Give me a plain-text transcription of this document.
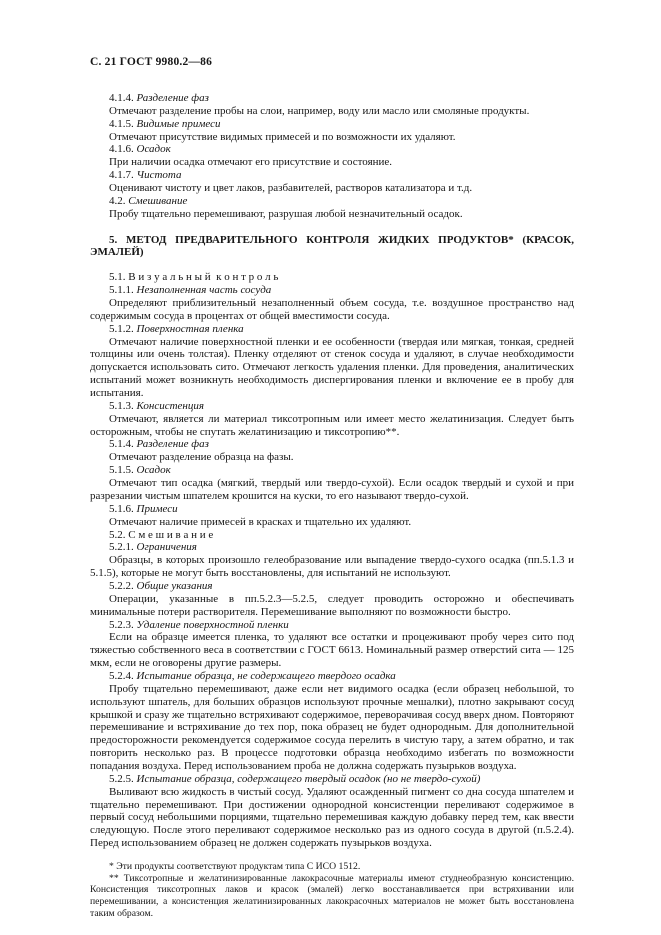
С. 21 ГОСТ 9980.2—86

4.1.4. Разделение фаз

Отмечают разделение пробы на слои, например, воду или масло или смоляные продукты.

4.1.5. Видимые примеси

Отмечают присутствие видимых примесей и по возможности их удаляют.

4.1.6. Осадок

При наличии осадка отмечают его присутствие и состояние.

4.1.7. Чистота

Оценивают чистоту и цвет лаков, разбавителей, растворов катализатора и т.д.

4.2. Смешивание

Пробу тщательно перемешивают, разрушая любой незначительный осадок.

5. МЕТОД ПРЕДВАРИТЕЛЬНОГО КОНТРОЛЯ ЖИДКИХ ПРОДУКТОВ* (КРАСОК, ЭМАЛЕЙ)

5.1. В и з у а л ь н ы й  к о н т р о л ь

5.1.1. Незаполненная часть сосуда

Определяют приблизительный незаполненный объем сосуда, т.е. воздушное пространство над содержимым сосуда в процентах от общей вместимости сосуда.

5.1.2. Поверхностная пленка

Отмечают наличие поверхностной пленки и ее особенности (твердая или мягкая, тонкая, средней толщины или очень толстая). Пленку отделяют от стенок сосуда и удаляют, в случае необходимости допускается использовать сито. Отмечают легкость удаления пленки. Для проведения, аналитических испытаний может возникнуть необходимость диспергирования пленки и включение ее в пробу для испытания.

5.1.3. Консистенция

Отмечают, является ли материал тиксотропным или имеет место желатинизация. Следует быть осторожным, чтобы не спутать желатинизацию и тиксотропию**.

5.1.4. Разделение фаз

Отмечают разделение образца на фазы.

5.1.5. Осадок

Отмечают тип осадка (мягкий, твердый или твердо-сухой). Если осадок твердый и сухой и при разрезании чистым шпателем крошится на куски, то его называют твердо-сухой.

5.1.6. Примеси

Отмечают наличие примесей в красках и тщательно их удаляют.

5.2. С м е ш и в а н и е

5.2.1. Ограничения

Образцы, в которых произошло гелеобразование или выпадение твердо-сухого осадка (пп.5.1.3 и 5.1.5), которые не могут быть восстановлены, для испытаний не используют.

5.2.2. Общие указания

Операции, указанные в пп.5.2.3—5.2.5, следует проводить осторожно и обеспечивать минимальные потери растворителя. Перемешивание выполняют по возможности быстро.

5.2.3. Удаление поверхностной пленки

Если на образце имеется пленка, то удаляют все остатки и процеживают пробу через сито под тяжестью собственного веса в соответствии с ГОСТ 6613. Номинальный размер отверстий сита — 125 мкм, если не оговорены другие размеры.

5.2.4. Испытание образца, не содержащего твердого осадка

Пробу тщательно перемешивают, даже если нет видимого осадка (если образец небольшой, то используют шпатель, для больших образцов используют прочные мешалки), плотно закрывают сосуд крышкой и сразу же тщательно встряхивают содержимое, переворачивая сосуд вверх дном. Повторяют перемешивание и встряхивание до тех пор, пока образец не будет однородным. Для дополнительной предосторожности рекомендуется содержимое сосуда перелить в чистую тару, а затем обратно, и так повторить несколько раз. В процессе подготовки образца необходимо избегать по возможности попадания воздуха. Перед использованием проба не должна содержать пузырьков воздуха.

5.2.5. Испытание образца, содержащего твердый осадок (но не твердо-сухой)

Выливают всю жидкость в чистый сосуд. Удаляют осажденный пигмент со дна сосуда шпателем и тщательно перемешивают. При достижении однородной консистенции переливают содержимое в первый сосуд небольшими порциями, тщательно перемешивая каждую добавку перед тем, как ввести следующую. После этого переливают содержимое несколько раз из одного сосуда в другой (п.5.2.4). Перед использованием образец не должен содержать пузырьков воздуха.

* Эти продукты соответствуют продуктам типа С ИСО 1512.

** Тиксотропные и желатинизированные лакокрасочные материалы имеют студнеобразную консистенцию. Консистенция тиксотропных лаков и красок (эмалей) легко восстанавливается при встряхивании или перемешивании, а консистенция желатинизированных лакокрасочных материалов не может быть восстановлена таким образом.
